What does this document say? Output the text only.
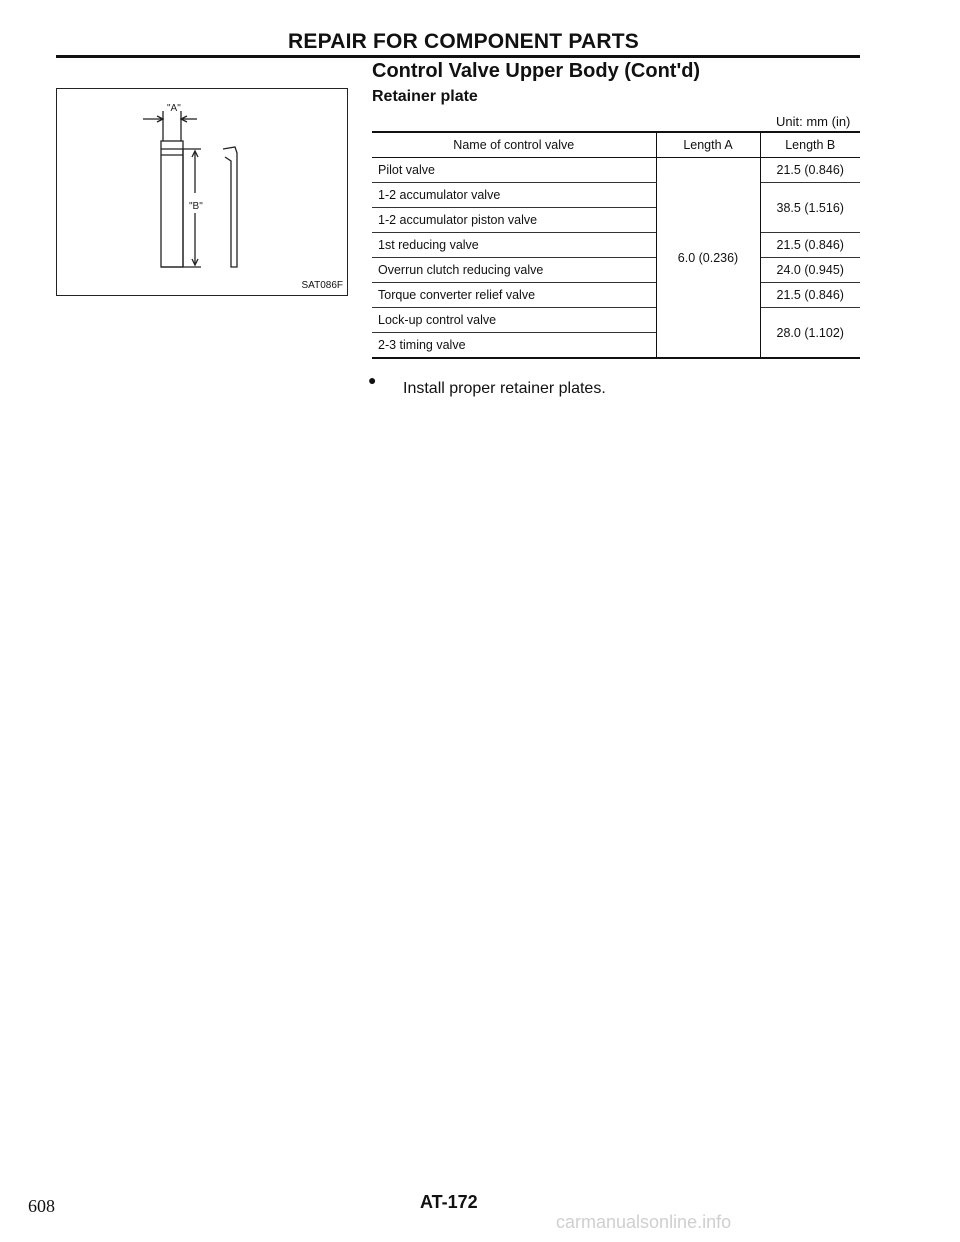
REPAIR FOR COMPONENT PARTS
Control Valve Upper Body (Cont'd)
Retainer plate
"A"
"B"
SAT086F
Unit: mm (in)
Name of control valve	Length A	Length B
Pilot valve	6.0 (0.236)	21.5 (0.846)
1-2 accumulator valve		38.5 (1.516)
1-2 accumulator piston valve		
1st reducing valve		21.5 (0.846)
Overrun clutch reducing valve		24.0 (0.945)
Torque converter relief valve		21.5 (0.846)
Lock-up control valve		28.0 (1.102)
2-3 timing valve		
● Install proper retainer plates.
608	AT-172
carmanualsonline.info
